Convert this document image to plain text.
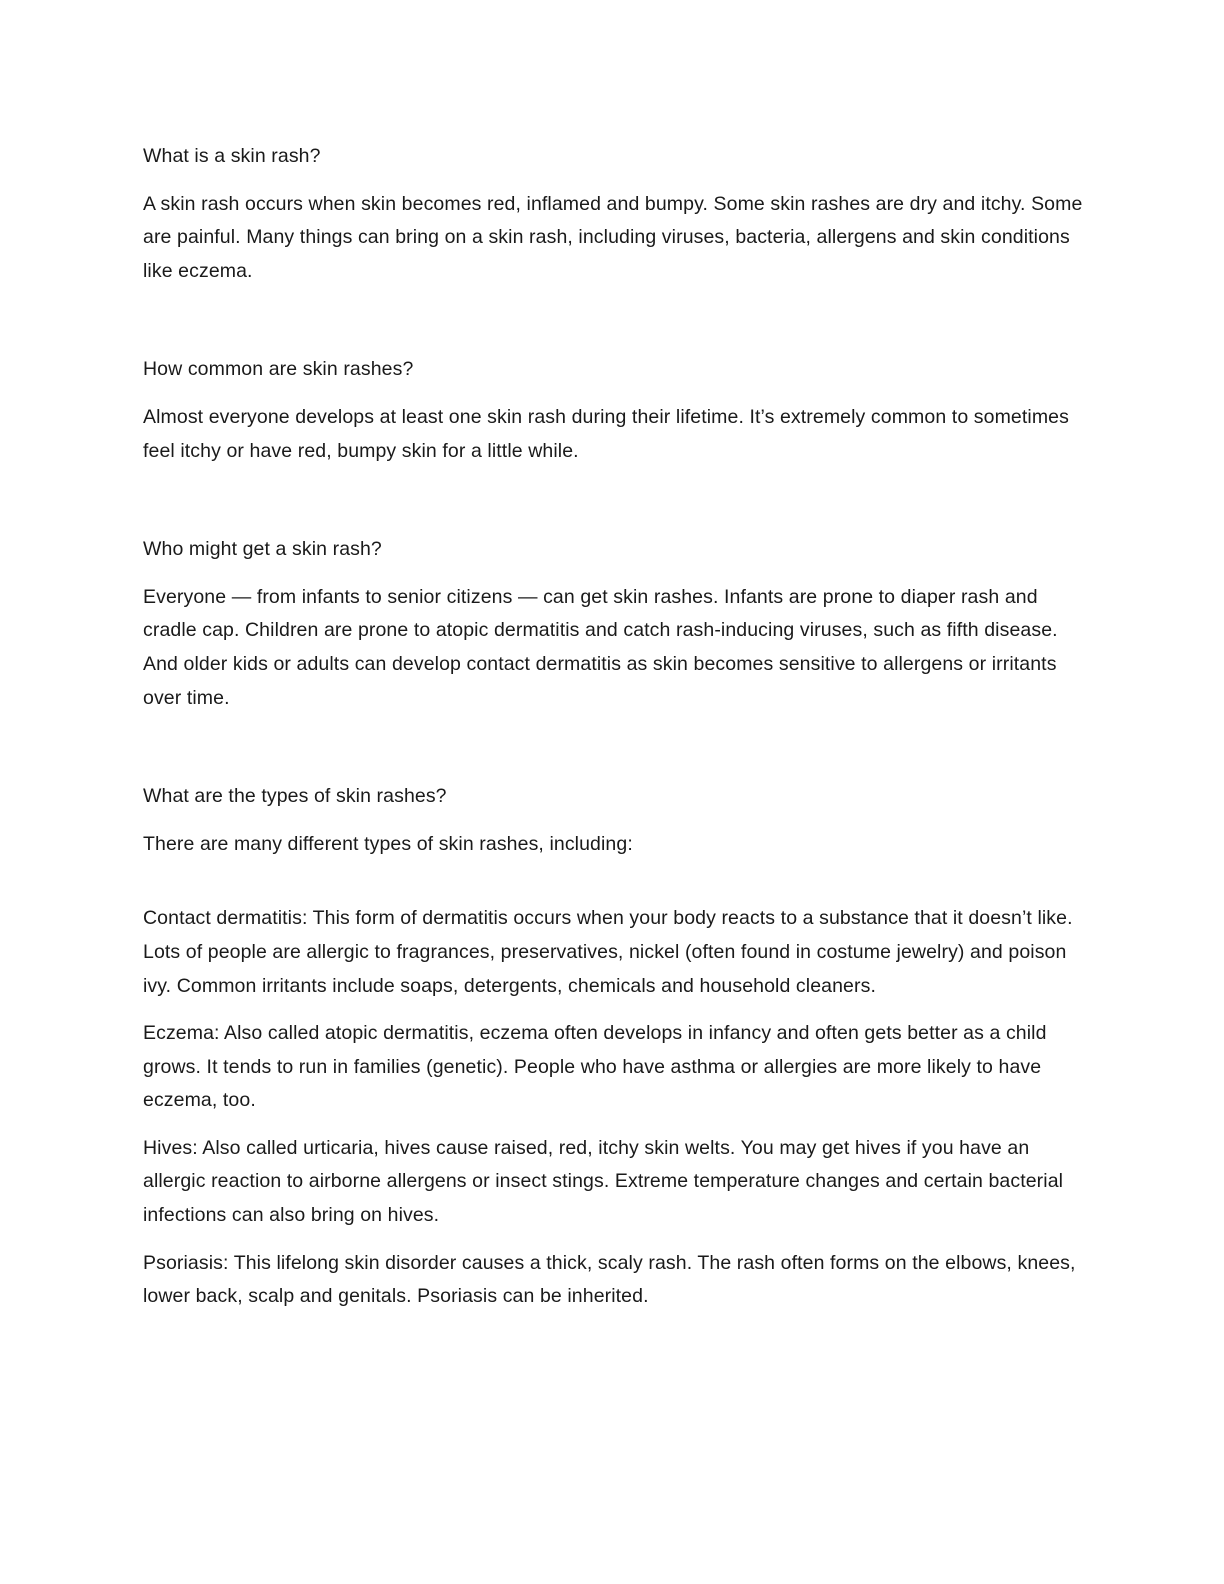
What is a skin rash?

A skin rash occurs when skin becomes red, inflamed and bumpy. Some skin rashes are dry and itchy. Some are painful. Many things can bring on a skin rash, including viruses, bacteria, allergens and skin conditions like eczema.

How common are skin rashes?

Almost everyone develops at least one skin rash during their lifetime. It’s extremely common to sometimes feel itchy or have red, bumpy skin for a little while.

Who might get a skin rash?

Everyone — from infants to senior citizens — can get skin rashes. Infants are prone to diaper rash and cradle cap. Children are prone to atopic dermatitis and catch rash-inducing viruses, such as fifth disease. And older kids or adults can develop contact dermatitis as skin becomes sensitive to allergens or irritants over time.

What are the types of skin rashes?

There are many different types of skin rashes, including:

Contact dermatitis: This form of dermatitis occurs when your body reacts to a substance that it doesn’t like. Lots of people are allergic to fragrances, preservatives, nickel (often found in costume jewelry) and poison ivy. Common irritants include soaps, detergents, chemicals and household cleaners.

Eczema: Also called atopic dermatitis, eczema often develops in infancy and often gets better as a child grows. It tends to run in families (genetic). People who have asthma or allergies are more likely to have eczema, too.

Hives: Also called urticaria, hives cause raised, red, itchy skin welts. You may get hives if you have an allergic reaction to airborne allergens or insect stings. Extreme temperature changes and certain bacterial infections can also bring on hives.

Psoriasis: This lifelong skin disorder causes a thick, scaly rash. The rash often forms on the elbows, knees, lower back, scalp and genitals. Psoriasis can be inherited.
